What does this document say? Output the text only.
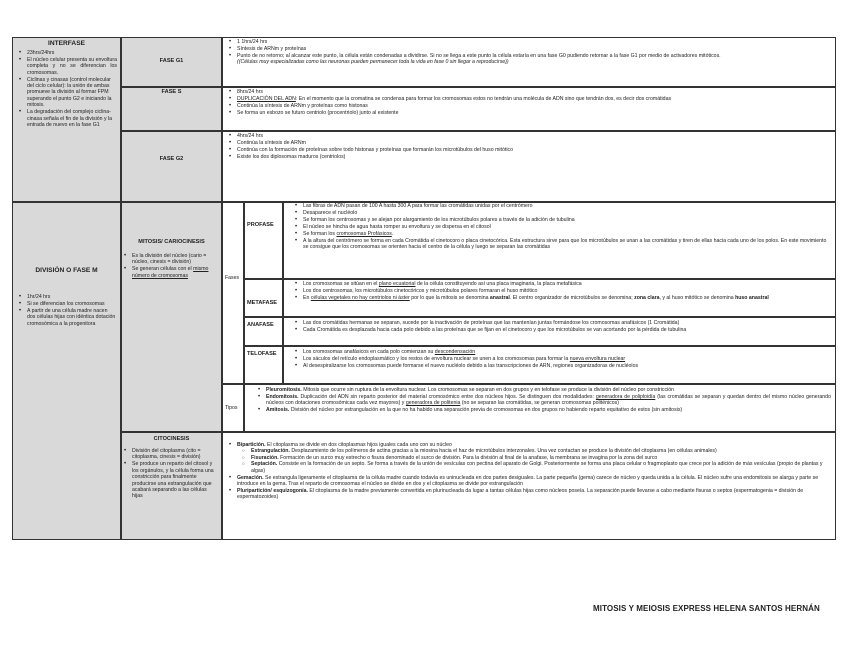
INTERFASE
• 23hrs/24hrs
• El núcleo celular presenta su envoltura completa y no se diferencian los cromosomas.
• Ciclinas y cinasas (control molecular del ciclo celular): la unión de ambas promueve la división al formar FPM superando el punto G2 e iniciando la mitosis.
• La degradación del complejo ciclina-cinasa señala el fin de la división y la entrada de nuevo en la fase G1
FASE G1
• 1 1hrs/24 hrs
• Síntesis de ARNm y proteínas
• Punto de no retorno; al alcanzar este punto, la célula están condenadas a dividirse. Si no se llega a este punto la célula estaría en una fase G0 pudiendo retornar a la fase G1 por medio de activadores mitóticos.
((Células muy especializadas como las neuronas pueden permanecer toda la vida en fase 0 sin llegar a reproducirse))
FASE S	• 8hrs/24 hrs
• DUPLICACIÓN DEL ADN: En el momento que la cromatina se condensa para formar los cromosomas estos no tendrán una molécula de ADN sino que tendrán dos, es decir dos cromátidas
• Continúa la síntesis de ARNm y proteínas como histonas
• Se forma un esbozo se futuro centriolo (procentriolo) junto al existente
FASE G2
• 4hrs/24 hrs
• Continúa la síntesis de ARNm
• Continúa con la formación de proteínas sobre todo histonas y proteínas que formarán los microtúbulos del huso mitótico
• Existe los dos diplosomas maduros (centriolos)
DIVISIÓN O FASE M
• 1hr/24 hrs
• Si se diferencian los cromosomas
• A partir de una célula madre nacen dos células hijas con idéntica dotación cromosómica a la progenitora
MITOSIS/ CARIOCINESIS
• Es la división del núcleo (cario = núcleo, cinesis = división)
• Se generan células con el mismo número de cromosomas	Fases
Tipos
PROFASE
• Las fibras de ADN pasan de 100 A hasta 300 A para formar las cromátidas unidas por el centrómero
• Desaparece el nucléolo
• Se forman los centrosomas y se alejan por alargamiento de los microtúbulos polares a través de la adición de tubulina
• El núcleo se hincha de agua hasta romper su envoltura y se dispersa en el citosol
• Se forman los cromosomas Profásicos.
• A la altura del centrómero se forma en cada Cromátida el cinetocoro o placa cinetocórica. Esta estructura sirve para que los microtúbulos se unan a las cromátidas y tiren de ellas hacia cada uno de los polos. En este movimiento se consigue que los cromosomas se orienten hacia el centro de la célula y luego se separan las cromátidas
METAFASE
• Los cromosomas se sitúan en el plano ecuatorial de la célula constituyendo así una placa imaginaria, la placa metafásica
• Los dos centrosomas, los microtúbulos cinetocóricos y microtúbulos polares formaran el huso mitótico
• En células vegetales no hay centriolos ni áster por lo que la mitosis se denomina anastral. El centro organizador de microtúbulos se denomina; zona clara, y al huso mitótico se denomina huso anastral
ANAFASE	• Las dos cromátidas hermanas se separan, sucede por la inactivación de proteínas que las mantenían juntas formándose los cromosomas anafásicos (1 Cromátida)
• Cada Cromátida es desplazada hacia cada polo debido a las proteínas que se fijan en el cinetocoro y que los microtúbulos se van acortando por la pérdida de tubulina
TELOFASE	• Los cromosomas anafásicos en cada polo comienzan su descondensación
• Los sáculos del retículo endoplasmático y los restos de envoltura nuclear se unen a los cromosomas para formar la nueva envoltura nuclear
• Al desespiralizarse los cromosomas puede formarse el nuevo nucléolo debido a las transcripciones de ARN, regiones organizadoras de nucléolos
• Pleuromitosis. Mitosis que ocurre sin ruptura de la envoltura nuclear. Los cromosomas se separan en dos grupos y en telofase se produce la división del núcleo por constricción
• Endomitosis. Duplicación del ADN sin reparto posterior del material cromosómico entre dos núcleos hijos. Se distinguen dos modalidades: generadora de poliploidía (las cromátidas se separan y quedan dentro del mismo núcleo generando núcleos con dotaciones cromosómicas cada vez mayores) y generadora de politenia (no se separan las cromátidas, se generan cromosomas politénicos)
• Amitosis. División del núcleo por estrangulación en la que no ha habido una separación previa de cromosomas en dos grupos no habiendo reparto equitativo de estos (sin amitosis)
CITOCINESIS
• División del citoplasma (cito = citoplasma, cinesis = división)
• Se produce un reparto del citosol y los orgánulos, y la célula forma una constricción para finalmente producirse una estrangulación que acabará separando a las células hijas
• Bipartición. El citoplasma se divide en dos citoplasmas hijos iguales cada uno con su núcleo
○ Estrangulación. Desplazamiento de los polímeros de actina gracias a la miosina hacia el haz de microtúbulos interzonales. Una vez contactan se produce la división del citoplasma (en células animales)
○ Fisuración. Formación de un surco muy estrecho o fisura denominado el surco de división. Para la división al final de la anafase, la membrana se invagina por la zona del surco
○ Septación. Consiste en la formación de un septo. Se forma a través de la unión de vesículas con pectina del aparato de Golgi. Posteriormente se forma una placa celular o fragmoplasto que crece por la adición de más vesículas (propio de plantas y algas)
• Gemación. Se estrangula ligeramente el citoplasma de la célula madre cuando todavía es uninucleada en dos partes desiguales. La parte pequeña (gema) carece de núcleo y queda unida a la célula. El núcleo sufre una endomitosis se alarga y parte se introduce en la gema. Tras el reparto de cromosomas el núcleo se divide en dos y el citoplasma se divide por estrangulación
• Pluripartición/ esquizogonía. El citoplasma de la madre previamente convertida en plurinucleada da lugar a tantas células hijas como núcleos poseía. La separación puede llevarse a cabo mediante fisuras o septos (espermatogenia = división de espermatozoides)
MITOSIS Y MEIOSIS EXPRESS HELENA SANTOS HERNÁN
